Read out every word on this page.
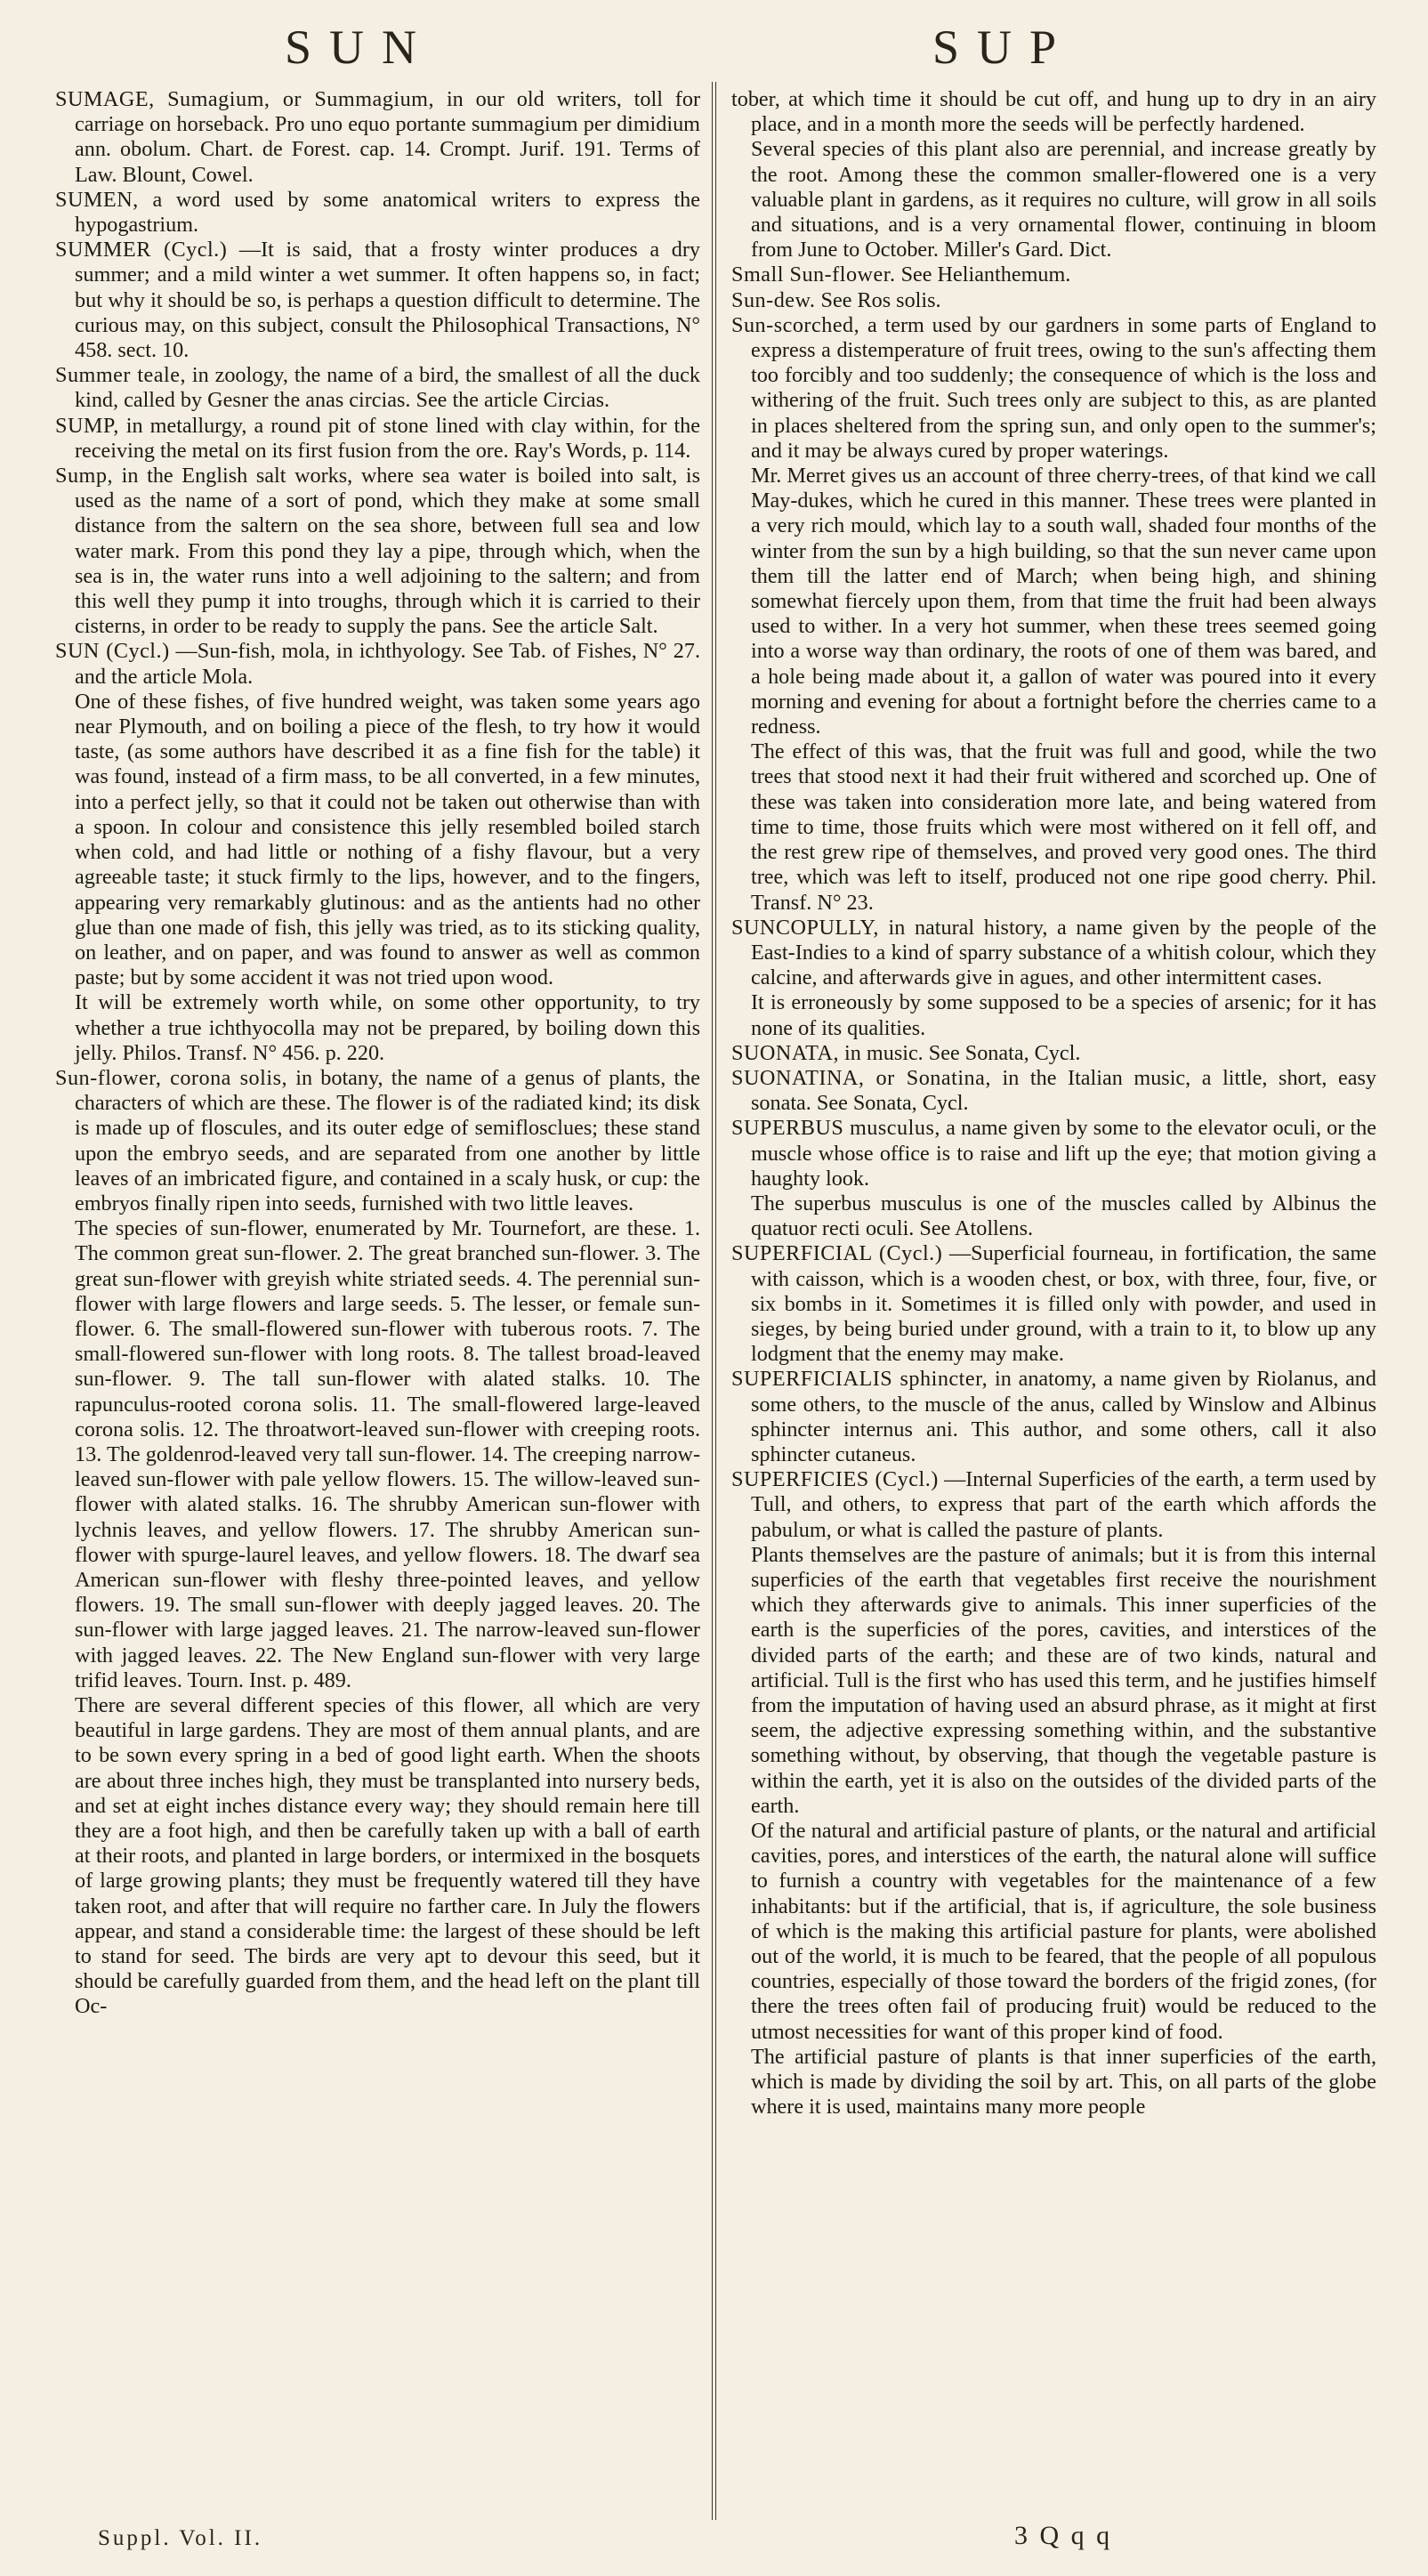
SUN	SUP

SUMAGE, Sumagium, or Summagium, in our old writers, toll for carriage on horseback. Pro uno equo portante summagium per dimidium ann. obolum. Chart. de Forest. cap. 14. Crompt. Jurif. 191. Terms of Law. Blount, Cowel.

SUMEN, a word used by some anatomical writers to express the hypogastrium.

SUMMER (Cycl.) —It is said, that a frosty winter produces a dry summer; and a mild winter a wet summer. It often happens so, in fact; but why it should be so, is perhaps a question difficult to determine. The curious may, on this subject, consult the Philosophical Transactions, N° 458. sect. 10.

Summer teale, in zoology, the name of a bird, the smallest of all the duck kind, called by Gesner the anas circias. See the article Circias.

SUMP, in metallurgy, a round pit of stone lined with clay within, for the receiving the metal on its first fusion from the ore. Ray's Words, p. 114.

Sump, in the English salt works, where sea water is boiled into salt, is used as the name of a sort of pond, which they make at some small distance from the saltern on the sea shore, between full sea and low water mark. From this pond they lay a pipe, through which, when the sea is in, the water runs into a well adjoining to the saltern; and from this well they pump it into troughs, through which it is carried to their cisterns, in order to be ready to supply the pans. See the article Salt.

SUN (Cycl.) —Sun-fish, mola, in ichthyology. See Tab. of Fishes, N° 27. and the article Mola.

One of these fishes, of five hundred weight, was taken some years ago near Plymouth, and on boiling a piece of the flesh, to try how it would taste, (as some authors have described it as a fine fish for the table) it was found, instead of a firm mass, to be all converted, in a few minutes, into a perfect jelly, so that it could not be taken out otherwise than with a spoon. In colour and consistence this jelly resembled boiled starch when cold, and had little or nothing of a fishy flavour, but a very agreeable taste; it stuck firmly to the lips, however, and to the fingers, appearing very remarkably glutinous: and as the antients had no other glue than one made of fish, this jelly was tried, as to its sticking quality, on leather, and on paper, and was found to answer as well as common paste; but by some accident it was not tried upon wood.

It will be extremely worth while, on some other opportunity, to try whether a true ichthyocolla may not be prepared, by boiling down this jelly. Philos. Transf. N° 456. p. 220.

Sun-flower, corona solis, in botany, the name of a genus of plants, the characters of which are these. The flower is of the radiated kind; its disk is made up of floscules, and its outer edge of semiflosclues; these stand upon the embryo seeds, and are separated from one another by little leaves of an imbricated figure, and contained in a scaly husk, or cup: the embryos finally ripen into seeds, furnished with two little leaves.

The species of sun-flower, enumerated by Mr. Tournefort, are these. 1. The common great sun-flower. 2. The great branched sun-flower. 3. The great sun-flower with greyish white striated seeds. 4. The perennial sun-flower with large flowers and large seeds. 5. The lesser, or female sun-flower. 6. The small-flowered sun-flower with tuberous roots. 7. The small-flowered sun-flower with long roots. 8. The tallest broad-leaved sun-flower. 9. The tall sun-flower with alated stalks. 10. The rapunculus-rooted corona solis. 11. The small-flowered large-leaved corona solis. 12. The throatwort-leaved sun-flower with creeping roots. 13. The goldenrod-leaved very tall sun-flower. 14. The creeping narrow-leaved sun-flower with pale yellow flowers. 15. The willow-leaved sun-flower with alated stalks. 16. The shrubby American sun-flower with lychnis leaves, and yellow flowers. 17. The shrubby American sun-flower with spurge-laurel leaves, and yellow flowers. 18. The dwarf sea American sun-flower with fleshy three-pointed leaves, and yellow flowers. 19. The small sun-flower with deeply jagged leaves. 20. The sun-flower with large jagged leaves. 21. The narrow-leaved sun-flower with jagged leaves. 22. The New England sun-flower with very large trifid leaves. Tourn. Inst. p. 489.

There are several different species of this flower, all which are very beautiful in large gardens. They are most of them annual plants, and are to be sown every spring in a bed of good light earth. When the shoots are about three inches high, they must be transplanted into nursery beds, and set at eight inches distance every way; they should remain here till they are a foot high, and then be carefully taken up with a ball of earth at their roots, and planted in large borders, or intermixed in the bosquets of large growing plants; they must be frequently watered till they have taken root, and after that will require no farther care. In July the flowers appear, and stand a considerable time: the largest of these should be left to stand for seed. The birds are very apt to devour this seed, but it should be carefully guarded from them, and the head left on the plant till Oc-

tober, at which time it should be cut off, and hung up to dry in an airy place, and in a month more the seeds will be perfectly hardened.

Several species of this plant also are perennial, and increase greatly by the root. Among these the common smaller-flowered one is a very valuable plant in gardens, as it requires no culture, will grow in all soils and situations, and is a very ornamental flower, continuing in bloom from June to October. Miller's Gard. Dict.

Small Sun-flower. See Helianthemum.

Sun-dew. See Ros solis.

Sun-scorched, a term used by our gardners in some parts of England to express a distemperature of fruit trees, owing to the sun's affecting them too forcibly and too suddenly; the consequence of which is the loss and withering of the fruit. Such trees only are subject to this, as are planted in places sheltered from the spring sun, and only open to the summer's; and it may be always cured by proper waterings.

Mr. Merret gives us an account of three cherry-trees, of that kind we call May-dukes, which he cured in this manner. These trees were planted in a very rich mould, which lay to a south wall, shaded four months of the winter from the sun by a high building, so that the sun never came upon them till the latter end of March; when being high, and shining somewhat fiercely upon them, from that time the fruit had been always used to wither. In a very hot summer, when these trees seemed going into a worse way than ordinary, the roots of one of them was bared, and a hole being made about it, a gallon of water was poured into it every morning and evening for about a fortnight before the cherries came to a redness.

The effect of this was, that the fruit was full and good, while the two trees that stood next it had their fruit withered and scorched up. One of these was taken into consideration more late, and being watered from time to time, those fruits which were most withered on it fell off, and the rest grew ripe of themselves, and proved very good ones. The third tree, which was left to itself, produced not one ripe good cherry. Phil. Transf. N° 23.

SUNCOPULLY, in natural history, a name given by the people of the East-Indies to a kind of sparry substance of a whitish colour, which they calcine, and afterwards give in agues, and other intermittent cases.

It is erroneously by some supposed to be a species of arsenic; for it has none of its qualities.

SUONATA, in music. See Sonata, Cycl.

SUONATINA, or Sonatina, in the Italian music, a little, short, easy sonata. See Sonata, Cycl.

SUPERBUS musculus, a name given by some to the elevator oculi, or the muscle whose office is to raise and lift up the eye; that motion giving a haughty look.

The superbus musculus is one of the muscles called by Albinus the quatuor recti oculi. See Atollens.

SUPERFICIAL (Cycl.) —Superficial fourneau, in fortification, the same with caisson, which is a wooden chest, or box, with three, four, five, or six bombs in it. Sometimes it is filled only with powder, and used in sieges, by being buried under ground, with a train to it, to blow up any lodgment that the enemy may make.

SUPERFICIALIS sphincter, in anatomy, a name given by Riolanus, and some others, to the muscle of the anus, called by Winslow and Albinus sphincter internus ani. This author, and some others, call it also sphincter cutaneus.

SUPERFICIES (Cycl.) —Internal Superficies of the earth, a term used by Tull, and others, to express that part of the earth which affords the pabulum, or what is called the pasture of plants.

Plants themselves are the pasture of animals; but it is from this internal superficies of the earth that vegetables first receive the nourishment which they afterwards give to animals. This inner superficies of the earth is the superficies of the pores, cavities, and interstices of the divided parts of the earth; and these are of two kinds, natural and artificial. Tull is the first who has used this term, and he justifies himself from the imputation of having used an absurd phrase, as it might at first seem, the adjective expressing something within, and the substantive something without, by observing, that though the vegetable pasture is within the earth, yet it is also on the outsides of the divided parts of the earth.

Of the natural and artificial pasture of plants, or the natural and artificial cavities, pores, and interstices of the earth, the natural alone will suffice to furnish a country with vegetables for the maintenance of a few inhabitants: but if the artificial, that is, if agriculture, the sole business of which is the making this artificial pasture for plants, were abolished out of the world, it is much to be feared, that the people of all populous countries, especially of those toward the borders of the frigid zones, (for there the trees often fail of producing fruit) would be reduced to the utmost necessities for want of this proper kind of food.

The artificial pasture of plants is that inner superficies of the earth, which is made by dividing the soil by art. This, on all parts of the globe where it is used, maintains many more people

Suppl. Vol. II.	3 Q q q
